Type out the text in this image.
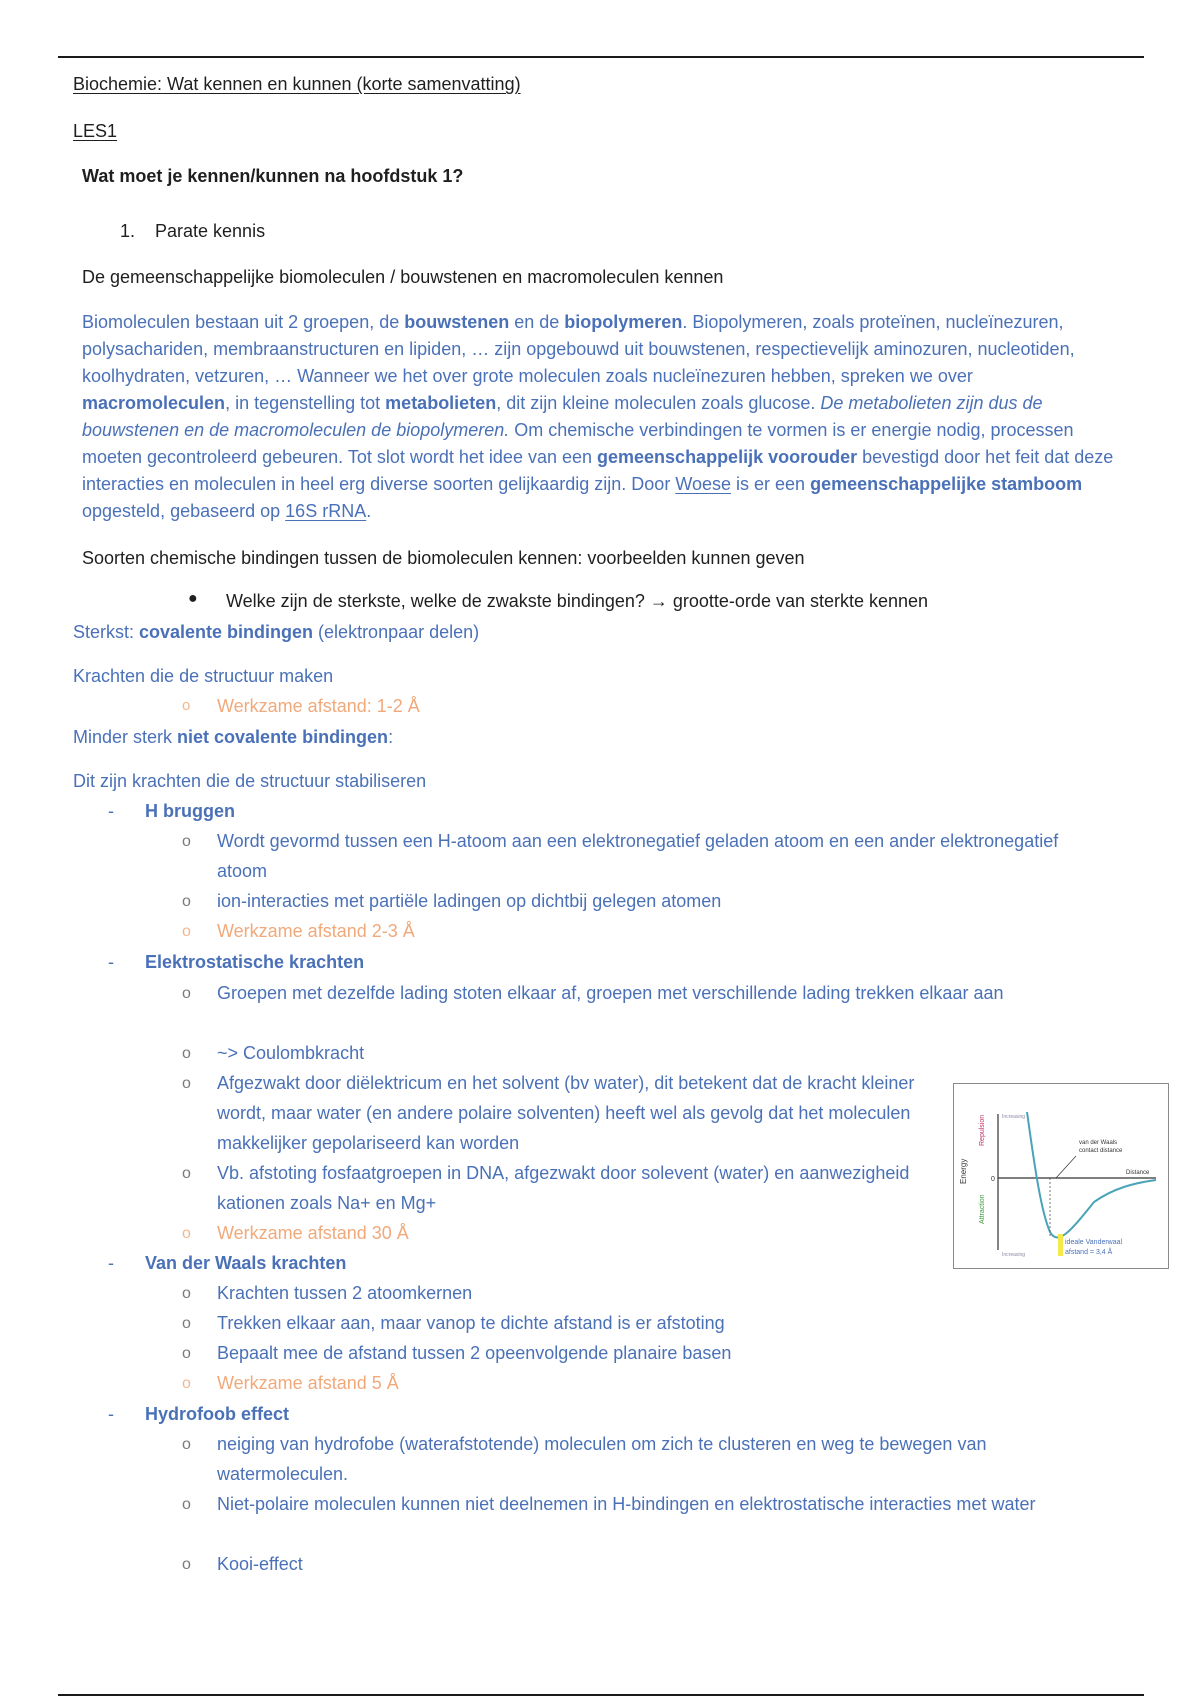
Biochemie: Wat kennen en kunnen (korte samenvatting)
LES1
Wat moet je kennen/kunnen na hoofdstuk 1?
1. Parate kennis
De gemeenschappelijke biomoleculen / bouwstenen en macromoleculen kennen
Biomoleculen bestaan uit 2 groepen, de bouwstenen en de biopolymeren. Biopolymeren, zoals proteïnen, nucleïnezuren, polysachariden, membraanstructuren en lipiden, … zijn opgebouwd uit bouwstenen, respectievelijk aminozuren, nucleotiden, koolhydraten, vetzuren, … Wanneer we het over grote moleculen zoals nucleïnezuren hebben, spreken we over macromoleculen, in tegenstelling tot metabolieten, dit zijn kleine moleculen zoals glucose. De metabolieten zijn dus de bouwstenen en de macromoleculen de biopolymeren. Om chemische verbindingen te vormen is er energie nodig, processen moeten gecontroleerd gebeuren. Tot slot wordt het idee van een gemeenschappelijk voorouder bevestigd door het feit dat deze interacties en moleculen in heel erg diverse soorten gelijkaardig zijn. Door Woese is er een gemeenschappelijke stamboom opgesteld, gebaseerd op 16S rRNA.
Soorten chemische bindingen tussen de biomoleculen kennen: voorbeelden kunnen geven
● Welke zijn de sterkste, welke de zwakste bindingen? → grootte-orde van sterkte kennen
Sterkst: covalente bindingen (elektronpaar delen)
Krachten die de structuur maken
o Werkzame afstand: 1-2 Å
Minder sterk niet covalente bindingen:
Dit zijn krachten die de structuur stabiliseren
- H bruggen
o Wordt gevormd tussen een H-atoom aan een elektronegatief geladen atoom en een ander elektronegatief atoom
o ion-interacties met partiële ladingen op dichtbij gelegen atomen
o Werkzame afstand 2-3 Å
- Elektrostatische krachten
o Groepen met dezelfde lading stoten elkaar af, groepen met verschillende lading trekken elkaar aan
o ~> Coulombkracht
o Afgezwakt door diëlektricum en het solvent (bv water), dit betekent dat de kracht kleiner wordt, maar water (en andere polaire solventen) heeft wel als gevolg dat het moleculen makkelijker gepolariseerd kan worden
o Vb. afstoting fosfaatgroepen in DNA, afgezwakt door solevent (water) en aanwezigheid kationen zoals Na+ en Mg+
o Werkzame afstand 30 Å
- Van der Waals krachten
o Krachten tussen 2 atoomkernen
o Trekken elkaar aan, maar vanop te dichte afstand is er afstoting
o Bepaalt mee de afstand tussen 2 opeenvolgende planaire basen
o Werkzame afstand 5 Å
- Hydrofoob effect
o neiging van hydrofobe (waterafstotende) moleculen om zich te clusteren en weg te bewegen van watermoleculen.
o Niet-polaire moleculen kunnen niet deelnemen in H-bindingen en elektrostatische interacties met water
o Kooi-effect
Energy
Repulsion
Attraction
0
Increasing
Increasing
van der Waals
contact distance
Distance
ideale Vanderwaal
afstand = 3,4 Å
